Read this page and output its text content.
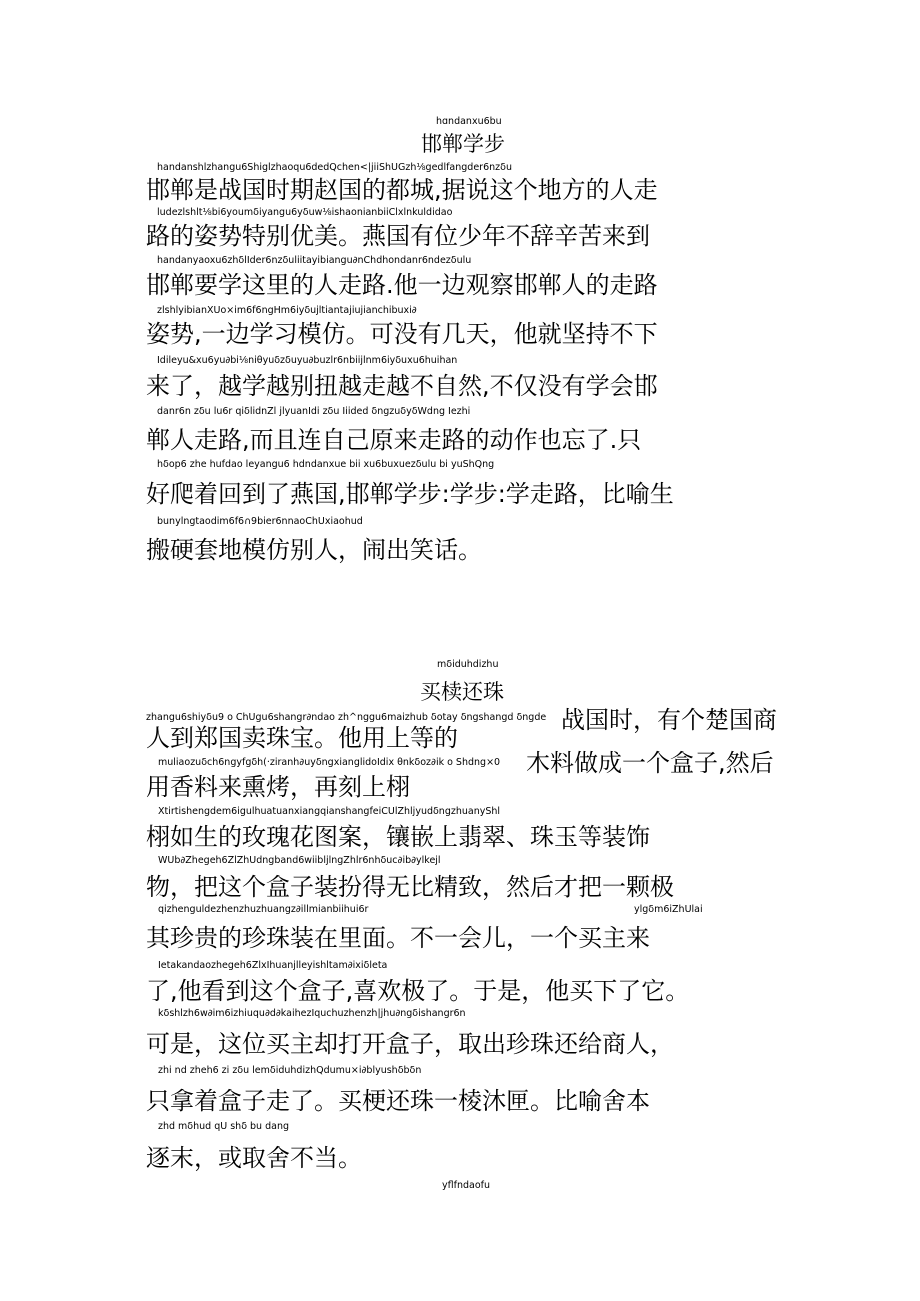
hɑndanxu6bu
邯郸学步
handanshlzhangu6Shiglzhaoqu6dedQchen<|jiiShUGzh⅛gedlfangder6nzδu
邯郸是战国时期赵国的都城,据说这个地方的人走
ludezlshlt⅛bi6youmδiyangu6yδuw⅛ishaonianbiiClxlnkuldidao
路的姿势特别优美。燕国有位少年不辞辛苦来到
handanyaoxu6zhδlIder6nzδuliitayibiangu∂nChdhondanr6ndezδulu
邯郸要学这里的人走路.他一边观察邯郸人的走路
zlshlyibianXUo×im6f6ngHm6iyδujltiantajiujianchibuxi∂
姿势,一边学习模仿。可没有几天，他就坚持不下
Idileyu&xu6yu∂bi⅛niθyuδzδuyu∂buzlr6nbiijlnm6iyδuxu6huihan
来了，越学越别扭越走越不自然,不仅没有学会邯
danr6n zδu lu6r qiδlidnZl jlyuanIdi zδu Iiided δngzuδyδWdng Iezhi
郸人走路,而且连自己原来走路的动作也忘了.只
hδop6 zhe hufdao leyangu6 hdndanxue bii xu6buxuezδulu bi yuShQng
好爬着回到了燕国,邯郸学步:学步:学走路，比喻生
bunylngtaodim6f6∩9bier6nnaoChUxiaohud
搬硬套地模仿别人，闹出笑话。
mδiduhdizhu
买椟还珠
zhangu6shiyδu9 o ChUgu6shangr∂ndao zh^nggu6maizhub δotay δngshangd δngde 战国时，有个楚国商
人到郑国卖珠宝。他用上等的
muliaozuδch6ngyfgδh(·ziranh∂uyδngxianglidoIdix θnkδoz∂ik o Shdng×0 木料做成一个盒子,然后
用香料来熏烤，再刻上栩
Xtirtishengdem6igulhuatuanxiangqianshangfeiCUlZhljyudδngzhuanyShl
栩如生的玫瑰花图案，镶嵌上翡翠、珠玉等装饰
WUb∂Zhegeh6ZlZhUdngband6wiibljlngZhlr6nhδuc∂ib∂ylkejl
物，把这个盒子装扮得无比精致，然后才把一颗极
qizhenguldezhenzhuzhuangz∂illmianbiihui6r	ylgδm6iZhUlai
其珍贵的珍珠装在里面。不一会儿，一个买主来
Ietakandaozhegeh6ZlxIhuanjlleyishltam∂ixiδleta
了,他看到这个盒子,喜欢极了。于是，他买下了它。
kδshlzh6w∂im6izhiuqu∂d∂kaihezIquchuzhenzh|jhu∂ngδishangr6n
可是，这位买主却打开盒子，取出珍珠还给商人，
zhi nd zheh6 zi zδu lemδiduhdizhQdumu×i∂blyushδbδn
只拿着盒子走了。买梗还珠一棱沐匣。比喻舍本
zhd mδhud qU shδ bu dang
逐末，或取舍不当。
yflfndaofu
